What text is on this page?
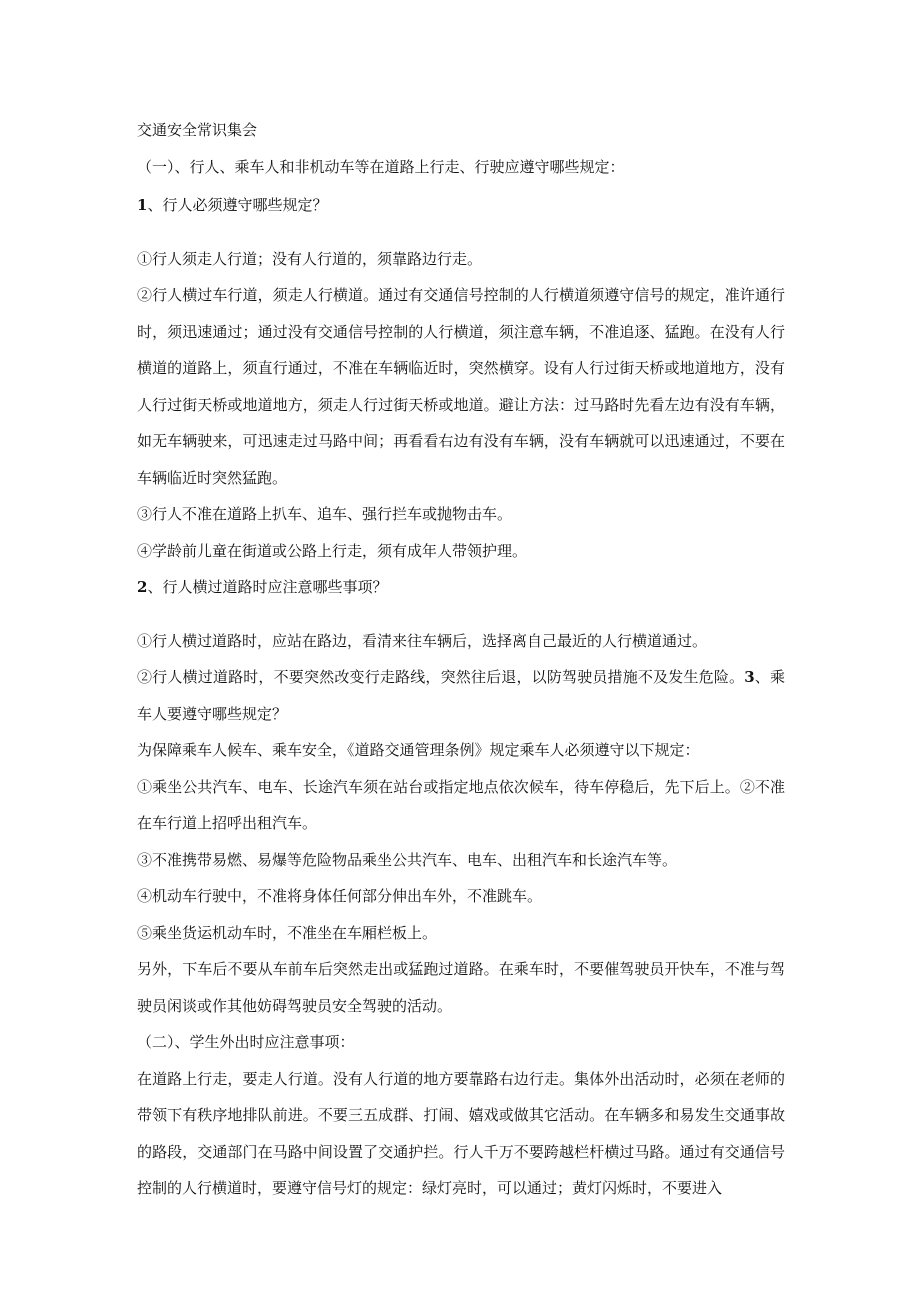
交通安全常识集会

（一）、行人、乘车人和非机动车等在道路上行走、行驶应遵守哪些规定：

1、行人必须遵守哪些规定？

①行人须走人行道；没有人行道的，须靠路边行走。

②行人横过车行道，须走人行横道。通过有交通信号控制的人行横道须遵守信号的规定，准许通行时，须迅速通过；通过没有交通信号控制的人行横道，须注意车辆，不准追逐、猛跑。在没有人行横道的道路上，须直行通过，不准在车辆临近时，突然横穿。设有人行过街天桥或地道地方，没有人行过街天桥或地道地方，须走人行过街天桥或地道。避让方法：过马路时先看左边有没有车辆，如无车辆驶来，可迅速走过马路中间；再看看右边有没有车辆，没有车辆就可以迅速通过，不要在车辆临近时突然猛跑。

③行人不准在道路上扒车、追车、强行拦车或抛物击车。

④学龄前儿童在街道或公路上行走，须有成年人带领护理。

2、行人横过道路时应注意哪些事项？

①行人横过道路时，应站在路边，看清来往车辆后，选择离自己最近的人行横道通过。

②行人横过道路时，不要突然改变行走路线，突然往后退，以防驾驶员措施不及发生危险。3、乘车人要遵守哪些规定？

为保障乘车人候车、乘车安全，《道路交通管理条例》规定乘车人必须遵守以下规定：

①乘坐公共汽车、电车、长途汽车须在站台或指定地点依次候车，待车停稳后，先下后上。②不准在车行道上招呼出租汽车。

③不准携带易燃、易爆等危险物品乘坐公共汽车、电车、出租汽车和长途汽车等。

④机动车行驶中，不准将身体任何部分伸出车外，不准跳车。

⑤乘坐货运机动车时，不准坐在车厢栏板上。

另外，下车后不要从车前车后突然走出或猛跑过道路。在乘车时，不要催驾驶员开快车，不准与驾驶员闲谈或作其他妨碍驾驶员安全驾驶的活动。

（二）、学生外出时应注意事项：

在道路上行走，要走人行道。没有人行道的地方要靠路右边行走。集体外出活动时，必须在老师的带领下有秩序地排队前进。不要三五成群、打闹、嬉戏或做其它活动。在车辆多和易发生交通事故的路段，交通部门在马路中间设置了交通护拦。行人千万不要跨越栏杆横过马路。通过有交通信号控制的人行横道时，要遵守信号灯的规定：绿灯亮时，可以通过；黄灯闪烁时，不要进入
